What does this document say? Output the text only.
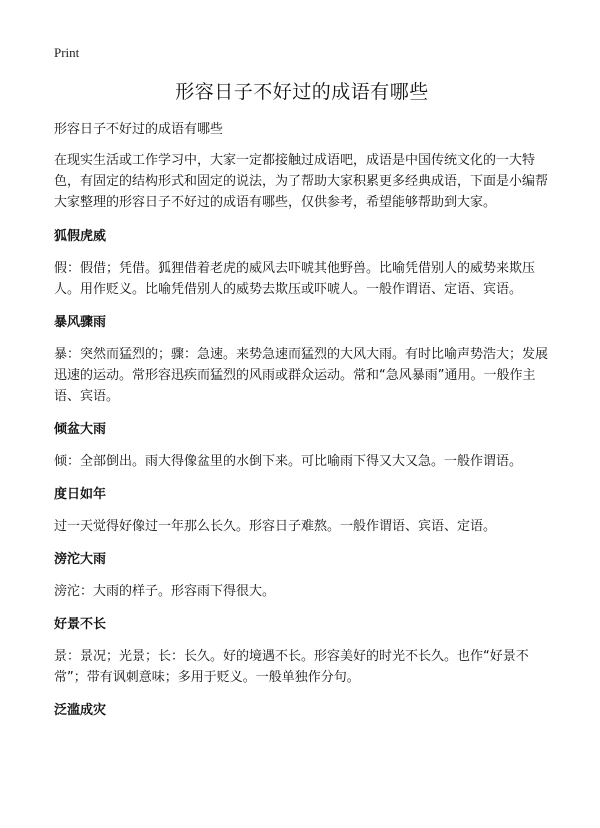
Print
形容日子不好过的成语有哪些

形容日子不好过的成语有哪些

在现实生活或工作学习中，大家一定都接触过成语吧，成语是中国传统文化的一大特色，有固定的结构形式和固定的说法，为了帮助大家积累更多经典成语，下面是小编帮大家整理的形容日子不好过的成语有哪些，仅供参考，希望能够帮助到大家。

狐假虎威

假：假借；凭借。狐狸借着老虎的威风去吓唬其他野兽。比喻凭借别人的威势来欺压人。用作贬义。比喻凭借别人的威势去欺压或吓唬人。一般作谓语、定语、宾语。

暴风骤雨

暴：突然而猛烈的；骤：急速。来势急速而猛烈的大风大雨。有时比喻声势浩大；发展迅速的运动。常形容迅疾而猛烈的风雨或群众运动。常和“急风暴雨”通用。一般作主语、宾语。

倾盆大雨

倾：全部倒出。雨大得像盆里的水倒下来。可比喻雨下得又大又急。一般作谓语。

度日如年

过一天觉得好像过一年那么长久。形容日子难熬。一般作谓语、宾语、定语。

滂沱大雨

滂沱：大雨的样子。形容雨下得很大。

好景不长

景：景况；光景；长：长久。好的境遇不长。形容美好的时光不长久。也作“好景不常”；带有讽刺意味；多用于贬义。一般单独作分句。

泛滥成灾
